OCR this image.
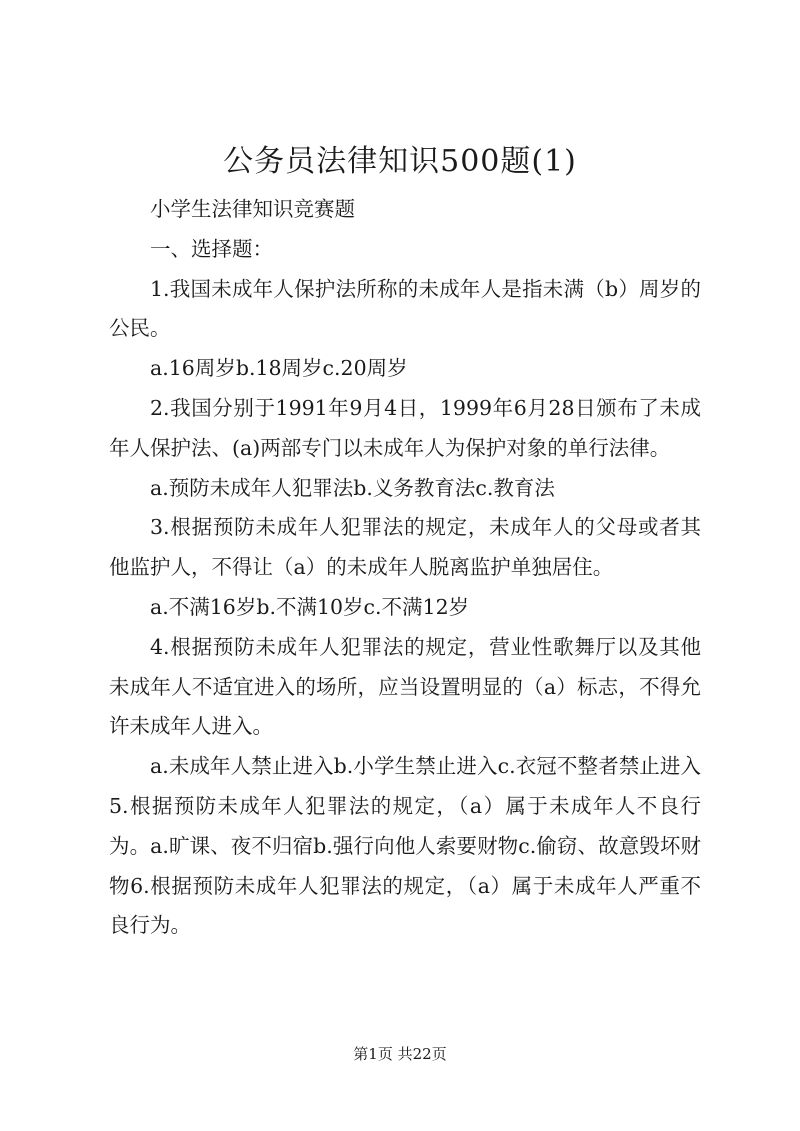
公务员法律知识500题(1)

小学生法律知识竞赛题

一、选择题：

1.我国未成年人保护法所称的未成年人是指未满（b）周岁的公民。

a.16周岁b.18周岁c.20周岁

2.我国分别于1991年9月4日，1999年6月28日颁布了未成年人保护法、(a)两部专门以未成年人为保护对象的单行法律。

a.预防未成年人犯罪法b.义务教育法c.教育法

3.根据预防未成年人犯罪法的规定，未成年人的父母或者其他监护人，不得让（a）的未成年人脱离监护单独居住。

a.不满16岁b.不满10岁c.不满12岁

4.根据预防未成年人犯罪法的规定，营业性歌舞厅以及其他未成年人不适宜进入的场所，应当设置明显的（a）标志，不得允许未成年人进入。

a.未成年人禁止进入b.小学生禁止进入c.衣冠不整者禁止进入5.根据预防未成年人犯罪法的规定，（a）属于未成年人不良行为。a.旷课、夜不归宿b.强行向他人索要财物c.偷窃、故意毁坏财物6.根据预防未成年人犯罪法的规定，（a）属于未成年人严重不良行为。

第1页 共22页
